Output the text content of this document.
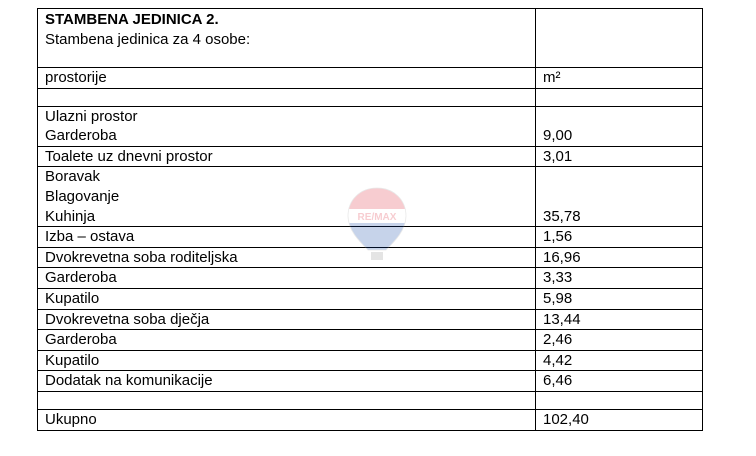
STAMBENA JEDINICA 2.
Stambena jedinica za 4 osobe:	

prostorije	m²

Ulazni prostor
Garderoba	9,00

Toalete uz dnevni prostor	3,01

Boravak
Blagovanje
Kuhinja	35,78

Izba – ostava	1,56

Dvokrevetna soba roditeljska	16,96

Garderoba	3,33

Kupatilo	5,98

Dvokrevetna soba dječja	13,44

Garderoba	2,46

Kupatilo	4,42

Dodatak na komunikacije	6,46

Ukupno	102,40
RE/MAX
